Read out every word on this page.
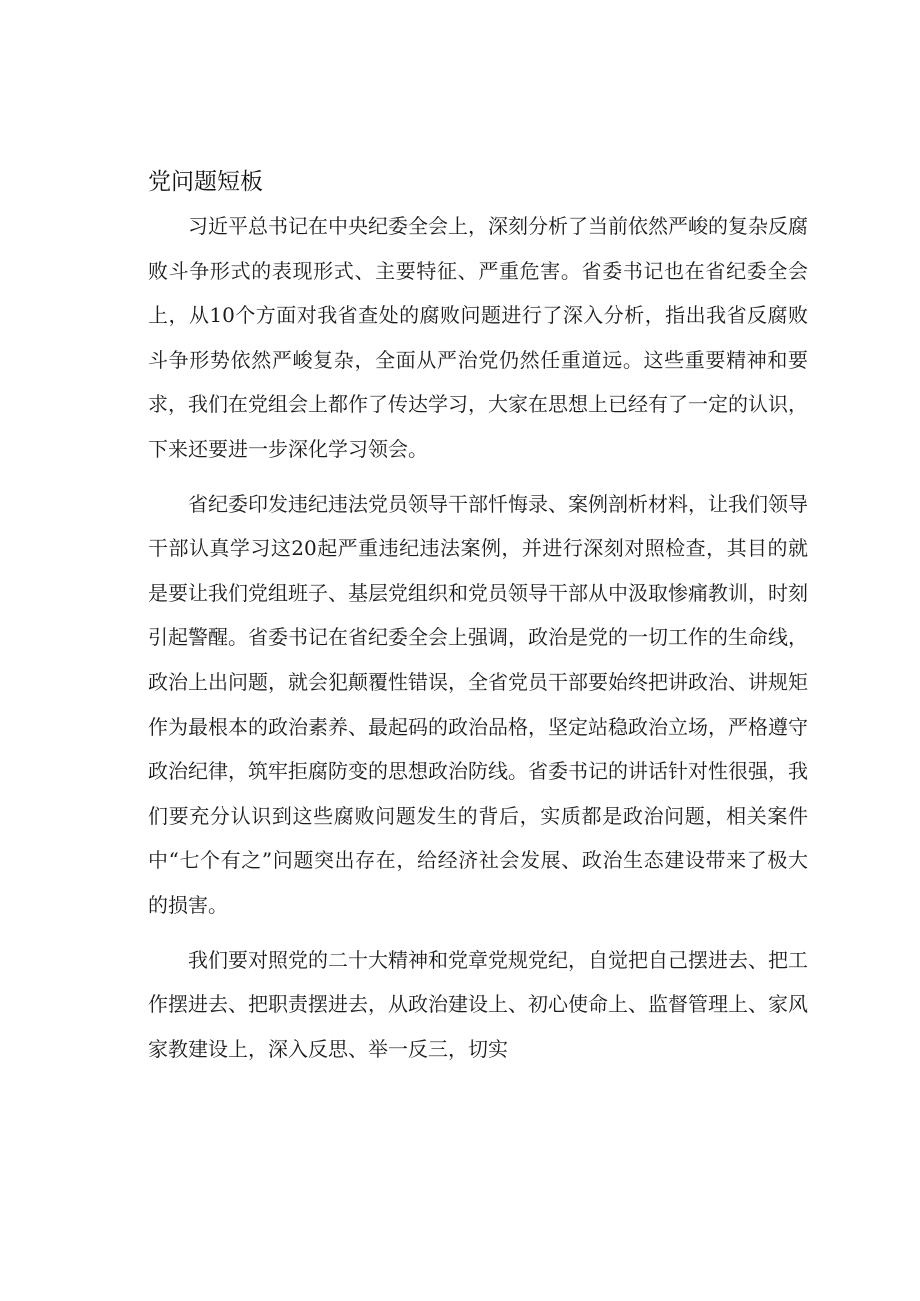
党问题短板

习近平总书记在中央纪委全会上，深刻分析了当前依然严峻的复杂反腐败斗争形式的表现形式、主要特征、严重危害。省委书记也在省纪委全会上，从10个方面对我省查处的腐败问题进行了深入分析，指出我省反腐败斗争形势依然严峻复杂，全面从严治党仍然任重道远。这些重要精神和要求，我们在党组会上都作了传达学习，大家在思想上已经有了一定的认识，下来还要进一步深化学习领会。

省纪委印发违纪违法党员领导干部忏悔录、案例剖析材料，让我们领导干部认真学习这20起严重违纪违法案例，并进行深刻对照检查，其目的就是要让我们党组班子、基层党组织和党员领导干部从中汲取惨痛教训，时刻引起警醒。省委书记在省纪委全会上强调，政治是党的一切工作的生命线，政治上出问题，就会犯颠覆性错误，全省党员干部要始终把讲政治、讲规矩作为最根本的政治素养、最起码的政治品格，坚定站稳政治立场，严格遵守政治纪律，筑牢拒腐防变的思想政治防线。省委书记的讲话针对性很强，我们要充分认识到这些腐败问题发生的背后，实质都是政治问题，相关案件中“七个有之”问题突出存在，给经济社会发展、政治生态建设带来了极大的损害。

我们要对照党的二十大精神和党章党规党纪，自觉把自己摆进去、把工作摆进去、把职责摆进去，从政治建设上、初心使命上、监督管理上、家风家教建设上，深入反思、举一反三，切实
